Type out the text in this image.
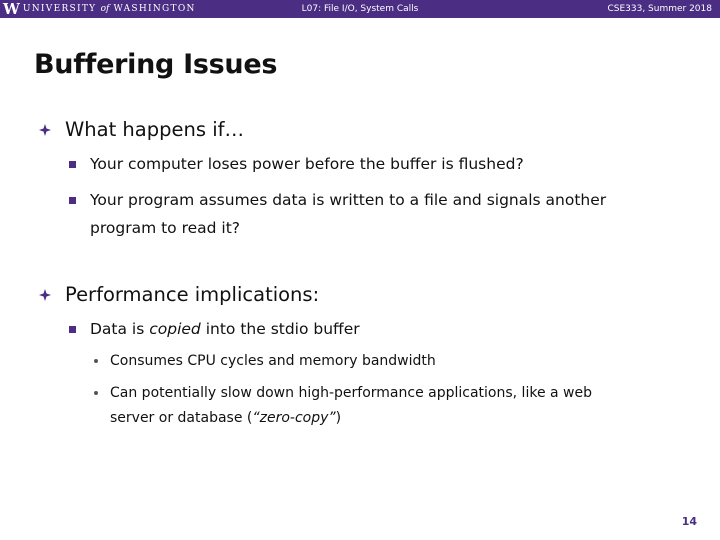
W UNIVERSITY of WASHINGTON	L07: File I/O, System Calls	CSE333, Summer 2018
Buffering Issues
What happens if…
Your computer loses power before the buffer is flushed?
Your program assumes data is written to a file and signals another
program to read it?
Performance implications:
Data is copied into the stdio buffer
Consumes CPU cycles and memory bandwidth
Can potentially slow down high-performance applications, like a web
server or database (“zero-copy”)
14
